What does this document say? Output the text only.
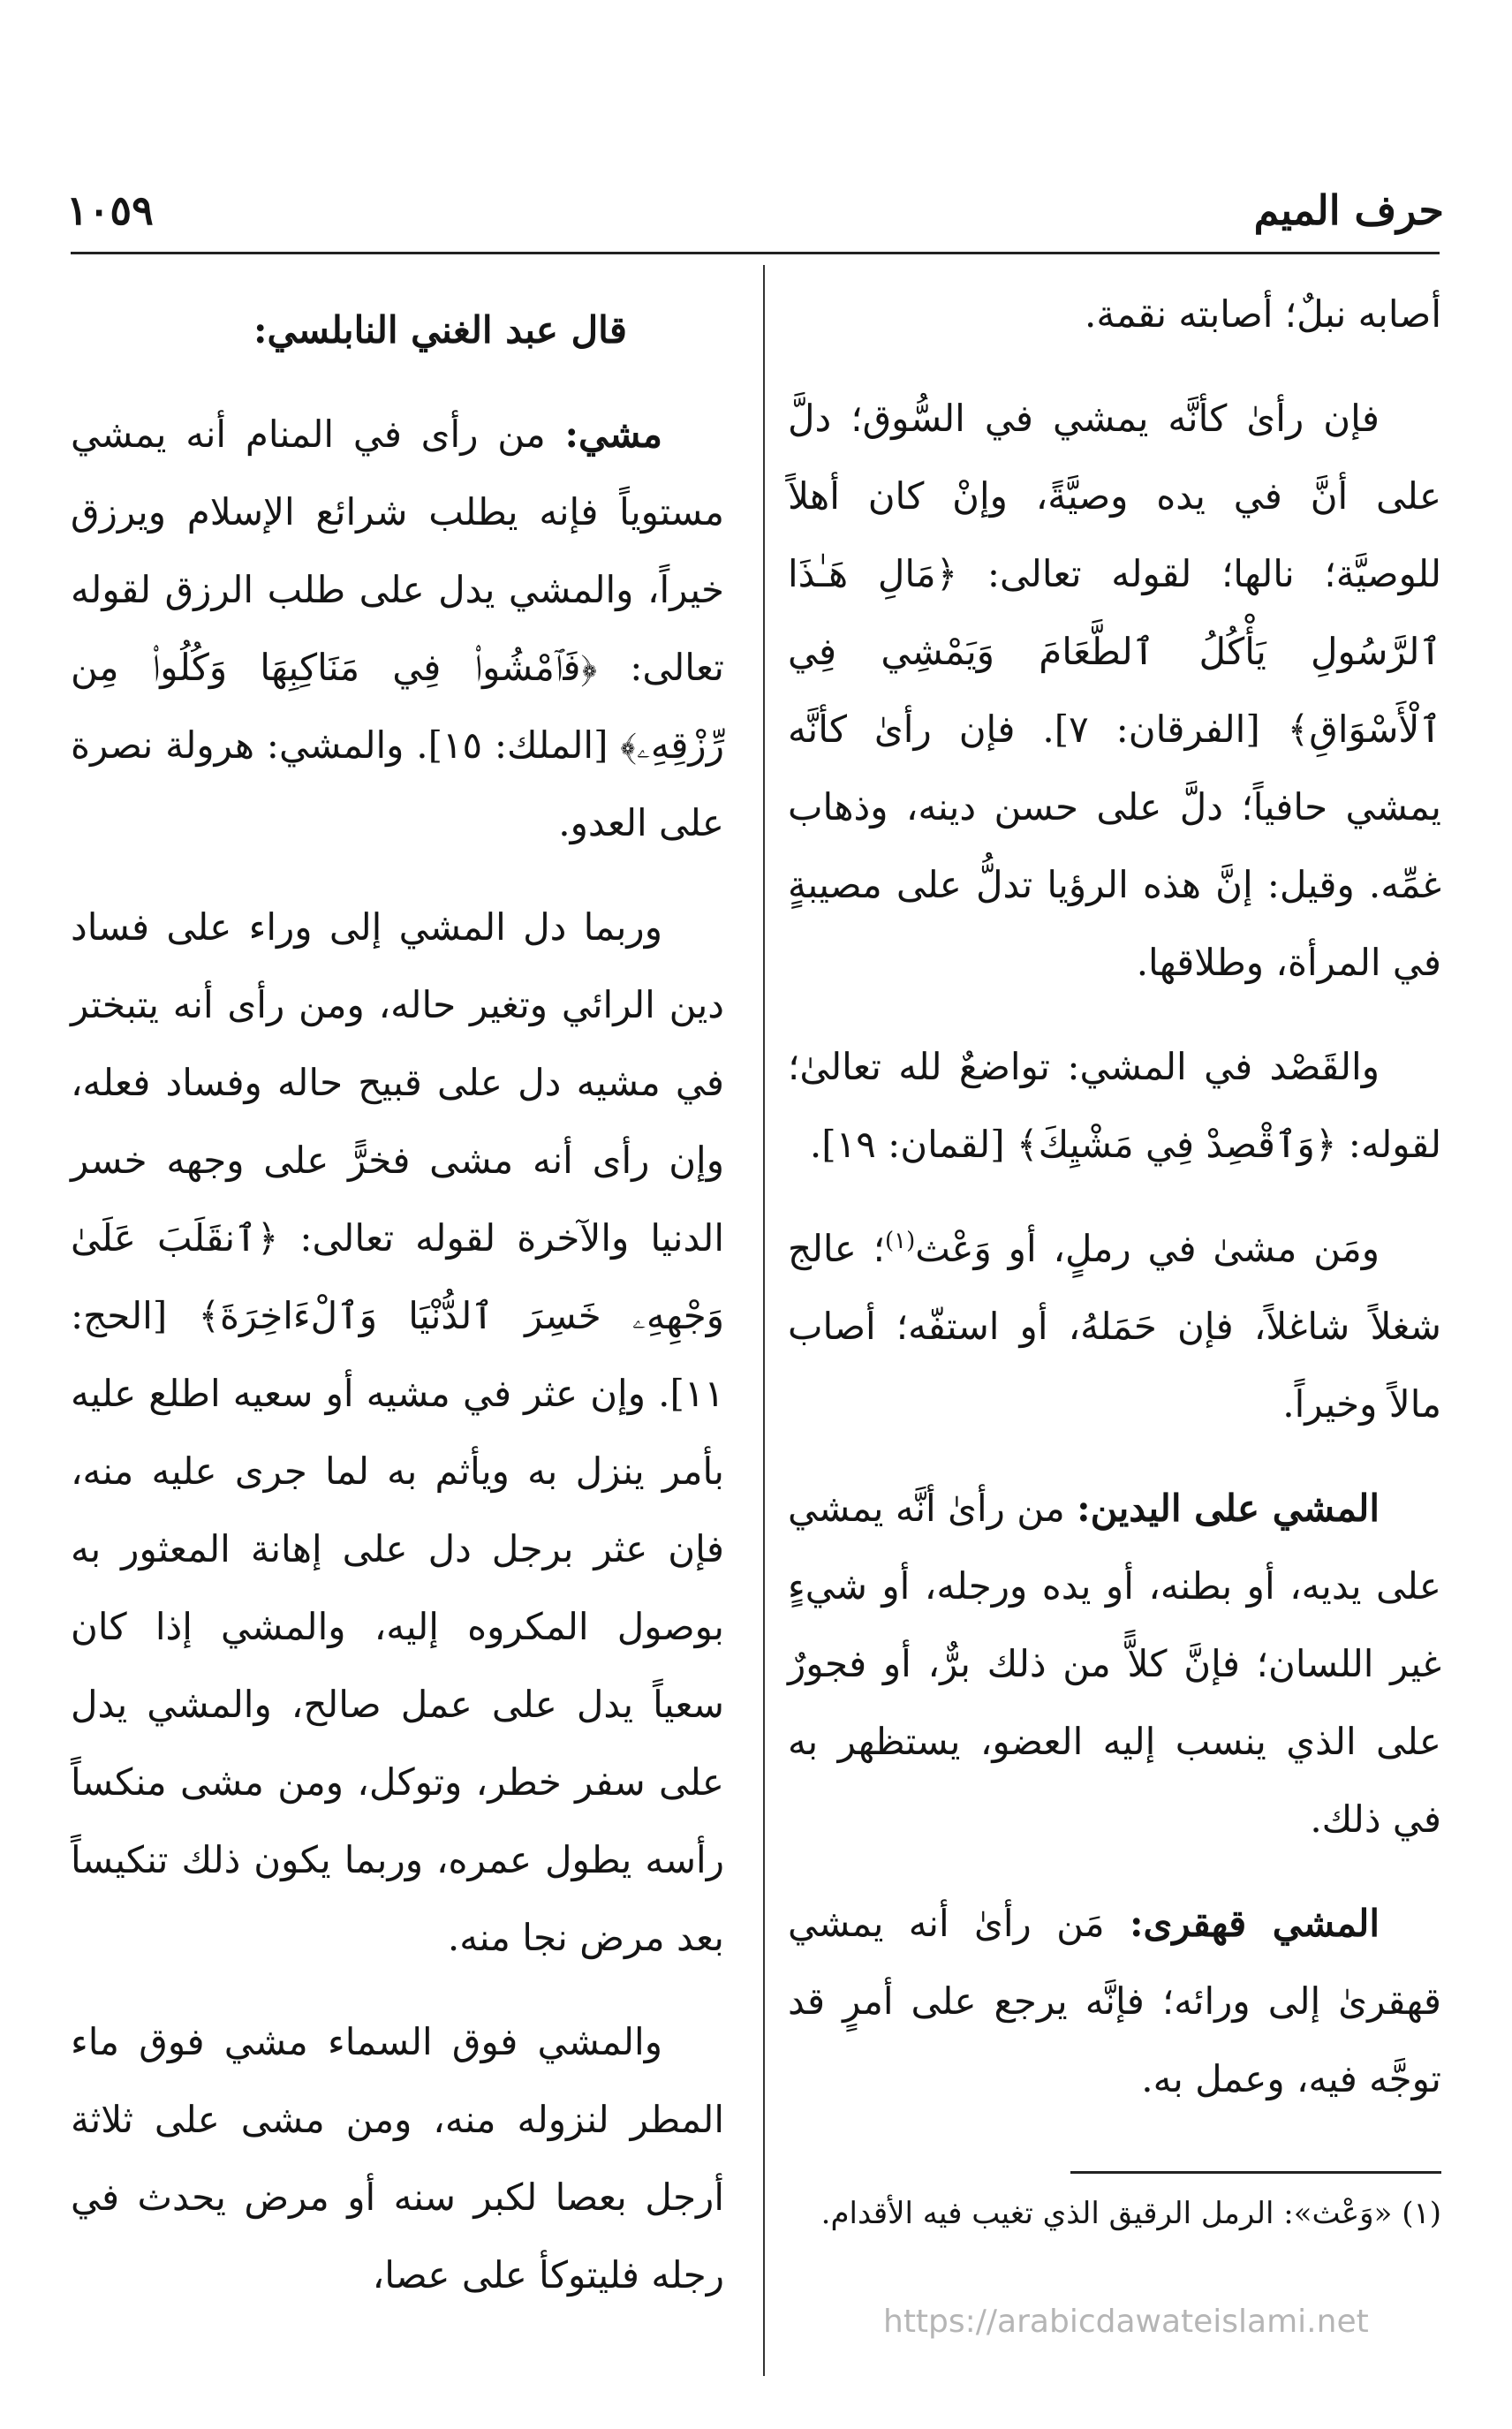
حرف الميم
١٠٥٩

أصابه نبلٌ؛ أصابته نقمة.

فإن رأىٰ كأنَّه يمشي في السُّوق؛ دلَّ على أنَّ في يده وصيَّةً، وإنْ كان أهلاً للوصيَّة؛ نالها؛ لقوله تعالى: ﴿مَالِ هَـٰذَا ٱلرَّسُولِ يَأْكُلُ ٱلطَّعَامَ وَيَمْشِي فِي ٱلْأَسْوَاقِ﴾ [الفرقان: ٧]. فإن رأىٰ كأنَّه يمشي حافياً؛ دلَّ على حسن دينه، وذهاب غمِّه. وقيل: إنَّ هذه الرؤيا تدلُّ على مصيبةٍ في المرأة، وطلاقها.

والقَصْد في المشي: تواضعٌ لله تعالىٰ؛ لقوله: ﴿وَٱقْصِدْ فِي مَشْيِكَ﴾ [لقمان: ١٩].

ومَن مشىٰ في رملٍ، أو وَعْث$^{(١)}$؛ عالج شغلاً شاغلاً، فإن حَمَلهُ، أو استفّه؛ أصاب مالاً وخيراً.

المشي على اليدين: من رأىٰ أنَّه يمشي على يديه، أو بطنه، أو يده ورجله، أو شيءٍ غير اللسان؛ فإنَّ كلاًّ من ذلك برٌّ، أو فجورٌ على الذي ينسب إليه العضو، يستظهر به في ذلك.

المشي قهقرى: مَن رأىٰ أنه يمشي قهقرىٰ إلى ورائه؛ فإنَّه يرجع على أمرٍ قد توجَّه فيه، وعمل به.

قال عبد الغني النابلسي:

مشي: من رأى في المنام أنه يمشي مستوياً فإنه يطلب شرائع الإسلام ويرزق خيراً، والمشي يدل على طلب الرزق لقوله تعالى: ﴿فَٱمْشُوا۟ فِي مَنَاكِبِهَا وَكُلُوا۟ مِن رِّزْقِهِۦ﴾ [الملك: ١٥]. والمشي: هرولة نصرة على العدو.

وربما دل المشي إلى وراء على فساد دين الرائي وتغير حاله، ومن رأى أنه يتبختر في مشيه دل على قبيح حاله وفساد فعله، وإن رأى أنه مشى فخرًّ على وجهه خسر الدنيا والآخرة لقوله تعالى: ﴿ٱنقَلَبَ عَلَىٰ وَجْهِهِۦ خَسِرَ ٱلدُّنْيَا وَٱلْءَاخِرَةَ﴾ [الحج: ١١]. وإن عثر في مشيه أو سعيه اطلع عليه بأمر ينزل به ويأثم به لما جرى عليه منه، فإن عثر برجل دل على إهانة المعثور به بوصول المكروه إليه، والمشي إذا كان سعياً يدل على عمل صالح، والمشي يدل على سفر خطر، وتوكل، ومن مشى منكساً رأسه يطول عمره، وربما يكون ذلك تنكيساً بعد مرض نجا منه.

والمشي فوق السماء مشي فوق ماء المطر لنزوله منه، ومن مشى على ثلاثة أرجل بعصا لكبر سنه أو مرض يحدث في رجله فليتوكأ على عصا،

(١) «وَعْث»: الرمل الرقيق الذي تغيب فيه الأقدام.
https://arabicdawateislami.net
